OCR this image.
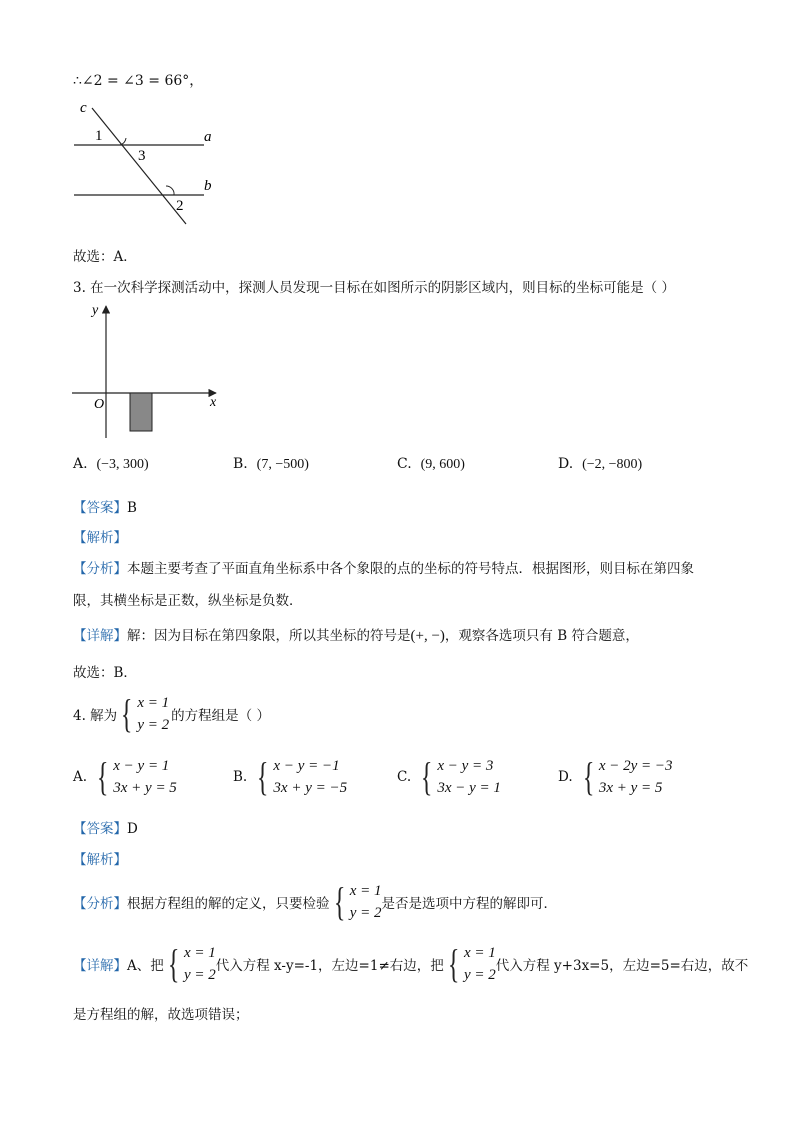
∴∠2 = ∠3 = 66°，
c
1
3
a
b
2
故选：A．
3. 在一次科学探测活动中，探测人员发现一目标在如图所示的阴影区域内，则目标的坐标可能是（ ）
y
x
O
A. (−3, 300)	B. (7, −500)	C. (9, 600)	D. (−2, −800)
【答案】B
【解析】
【分析】本题主要考查了平面直角坐标系中各个象限的点的坐标的符号特点．根据图形，则目标在第四象
限，其横坐标是正数，纵坐标是负数．
【详解】解：因为目标在第四象限，所以其坐标的符号是(+, −)，观察各选项只有 B 符合题意，
故选：B．
4. 解为 { x = 1
y = 2
的方程组是（ ）
A. { x − y = 1
3x + y = 5
B. { x − y = −1
3x + y = −5
C. { x − y = 3
3x − y = 1
D. { x − 2y = −3
3x + y = 5
【答案】D
【解析】
【分析】 根据方程组的解的定义，只要检验 { x = 1
y = 2
是否是选项中方程的解即可．
【详解】 A、把 { x = 1
y = 2
代入方程 x-y=-1，左边=1≠右边，把 { x = 1
y = 2
代入方程 y+3x=5，左边=5=右边，故不
是方程组的解，故选项错误；
